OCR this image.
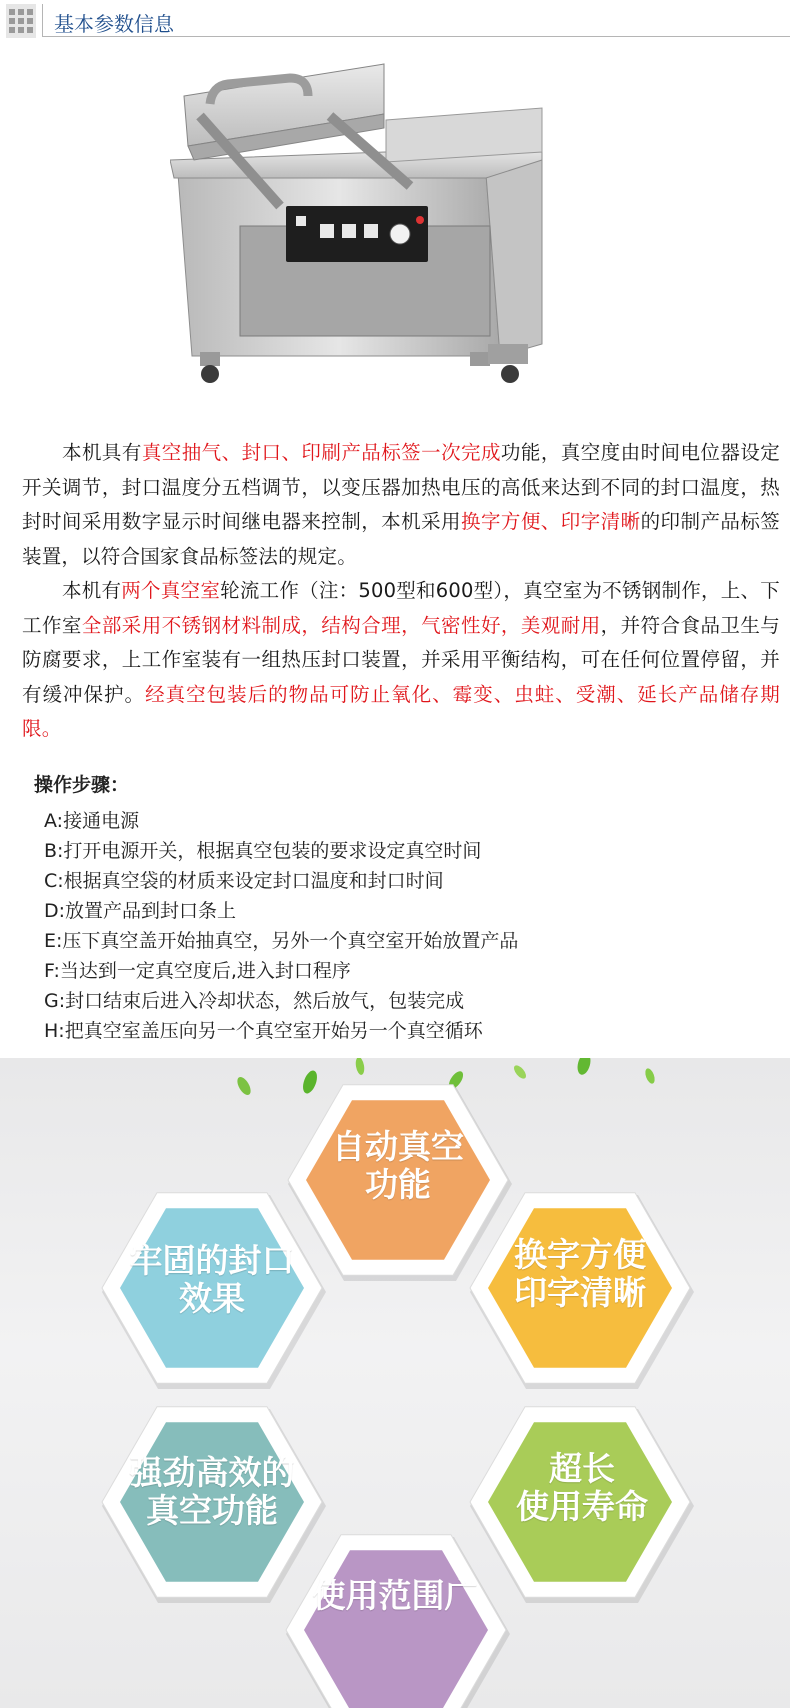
基本参数信息

本机具有真空抽气、封口、印刷产品标签一次完成功能，真空度由时间电位器设定开关调节，封口温度分五档调节，以变压器加热电压的高低来达到不同的封口温度，热封时间采用数字显示时间继电器来控制，本机采用换字方便、印字清晰的印制产品标签装置，以符合国家食品标签法的规定。

本机有两个真空室轮流工作（注：500型和600型），真空室为不锈钢制作，上、下工作室全部采用不锈钢材料制成，结构合理，气密性好，美观耐用，并符合食品卫生与防腐要求，上工作室装有一组热压封口装置，并采用平衡结构，可在任何位置停留，并有缓冲保护。经真空包装后的物品可防止氧化、霉变、虫蛀、受潮、延长产品储存期限。

操作步骤：
A:接通电源
B:打开电源开关，根据真空包装的要求设定真空时间
C:根据真空袋的材质来设定封口温度和封口时间
D:放置产品到封口条上
E:压下真空盖开始抽真空，另外一个真空室开始放置产品
F:当达到一定真空度后,进入封口程序
G:封口结束后进入冷却状态，然后放气，包装完成
H:把真空室盖压向另一个真空室开始另一个真空循环
自动真空
功能
换字方便
印字清晰
超长
使用寿命
使用范围广
强劲高效的
真空功能
牢固的封口
效果
